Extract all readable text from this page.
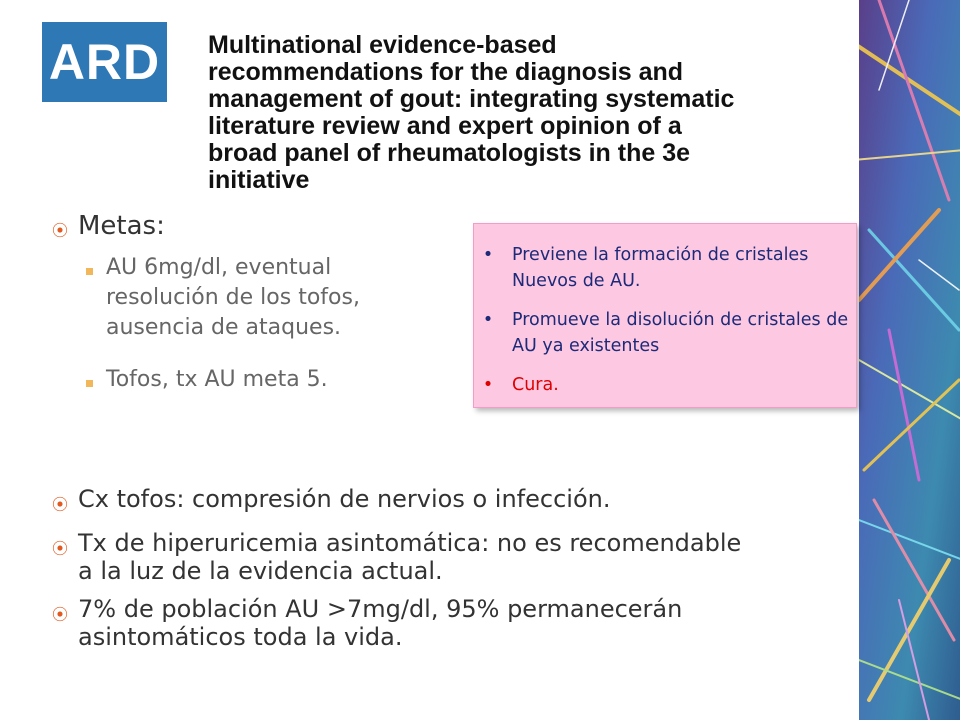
ARD Multinational evidence-based
recommendations for the diagnosis and
management of gout: integrating systematic
literature review and expert opinion of a
broad panel of rheumatologists in the 3e
initiative
⦿ Metas:
AU 6mg/dl, eventual resolución de los tofos, ausencia de ataques.
Tofos, tx AU meta 5.
• Previene la formación de cristales Nuevos de AU.
• Promueve la disolución de cristales de AU ya existentes
• Cura.
⦿ Cx tofos: compresión de nervios o infección.
⦿ Tx de hiperuricemia asintomática: no es recomendable a la luz de la evidencia actual.
⦿ 7% de población AU >7mg/dl, 95% permanecerán asintomáticos toda la vida.
